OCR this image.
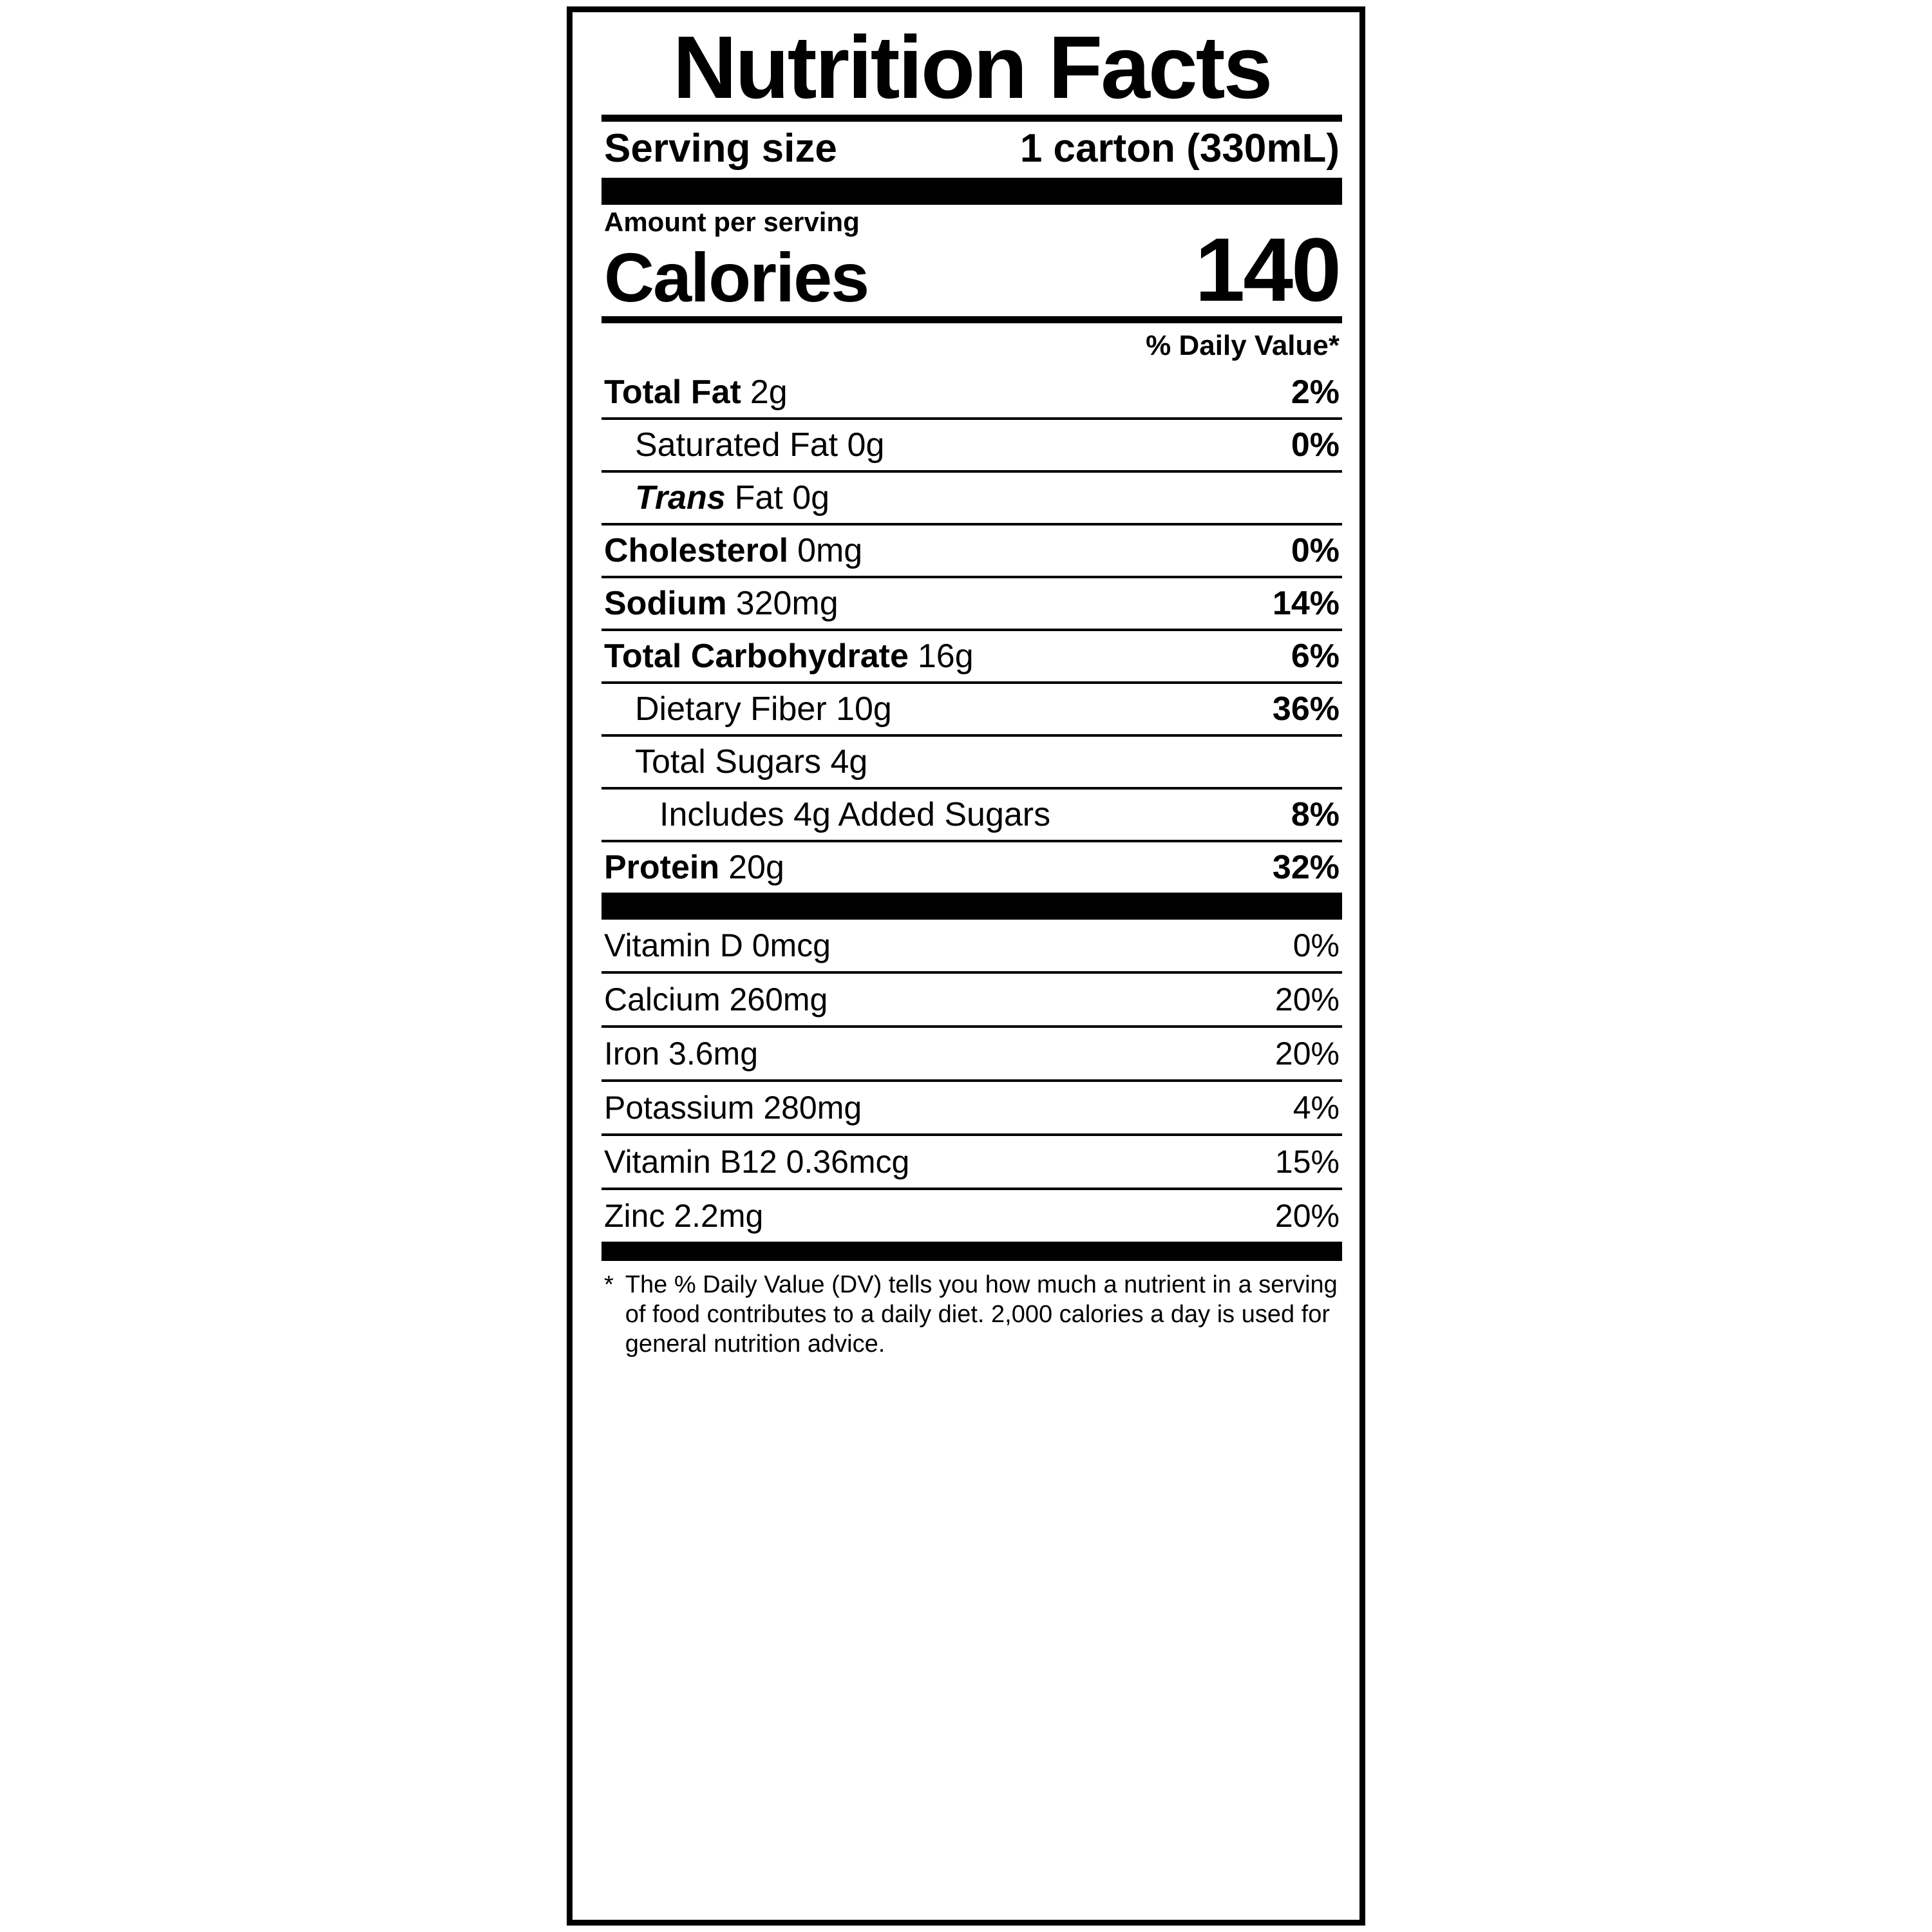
Nutrition Facts
Serving size	1 carton (330mL)
Amount per serving
Calories	140
% Daily Value*
Total Fat 2g	2%
Saturated Fat 0g	0%
Trans Fat 0g
Cholesterol 0mg	0%
Sodium 320mg	14%
Total Carbohydrate 16g	6%
Dietary Fiber 10g	36%
Total Sugars 4g
Includes 4g Added Sugars	8%
Protein 20g	32%
Vitamin D 0mcg	0%
Calcium 260mg	20%
Iron 3.6mg	20%
Potassium 280mg	4%
Vitamin B12 0.36mcg	15%
Zinc 2.2mg	20%
* The % Daily Value (DV) tells you how much a nutrient in a serving of food contributes to a daily diet. 2,000 calories a day is used for general nutrition advice.
